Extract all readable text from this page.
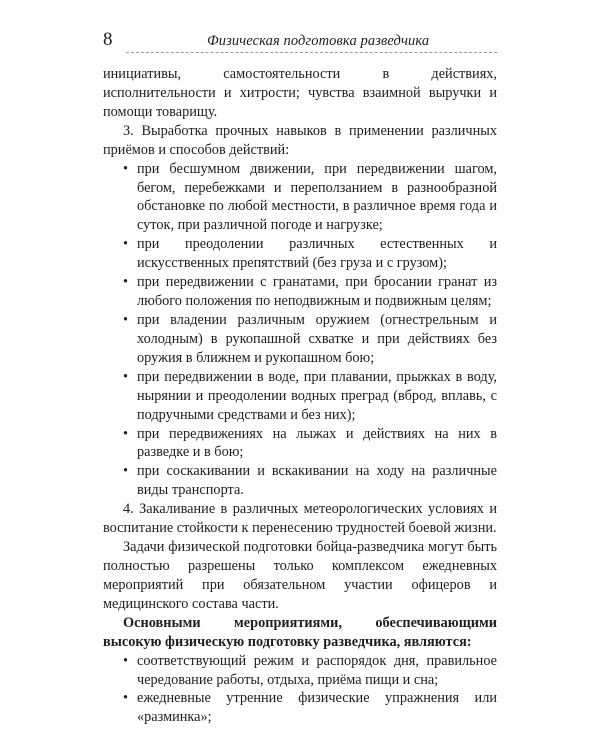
8	Физическая подготовка разведчика

инициативы, самостоятельности в действиях, исполнительности и хитрости; чувства взаимной выручки и помощи товарищу.

3. Выработка прочных навыков в применении различных приёмов и способов действий:

• при бесшумном движении, при передвижении шагом, бегом, перебежками и переползанием в разнообразной обстановке по любой местности, в различное время года и суток, при различной погоде и нагрузке;
• при преодолении различных естественных и искусственных препятствий (без груза и с грузом);
• при передвижении с гранатами, при бросании гранат из любого положения по неподвижным и подвижным целям;
• при владении различным оружием (огнестрельным и холодным) в рукопашной схватке и при действиях без оружия в ближнем и рукопашном бою;
• при передвижении в воде, при плавании, прыжках в воду, нырянии и преодолении водных преград (вброд, вплавь, с подручными средствами и без них);
• при передвижениях на лыжах и действиях на них в разведке и в бою;
• при соскакивании и вскакивании на ходу на различные виды транспорта.

4. Закаливание в различных метеорологических условиях и воспитание стойкости к перенесению трудностей боевой жизни.

Задачи физической подготовки бойца-разведчика могут быть полностью разрешены только комплексом ежедневных мероприятий при обязательном участии офицеров и медицинского состава части.

Основными мероприятиями, обеспечивающими высокую физическую подготовку разведчика, являются:

• соответствующий режим и распорядок дня, правильное чередование работы, отдыха, приёма пищи и сна;
• ежедневные утренние физические упражнения или «разминка»;
